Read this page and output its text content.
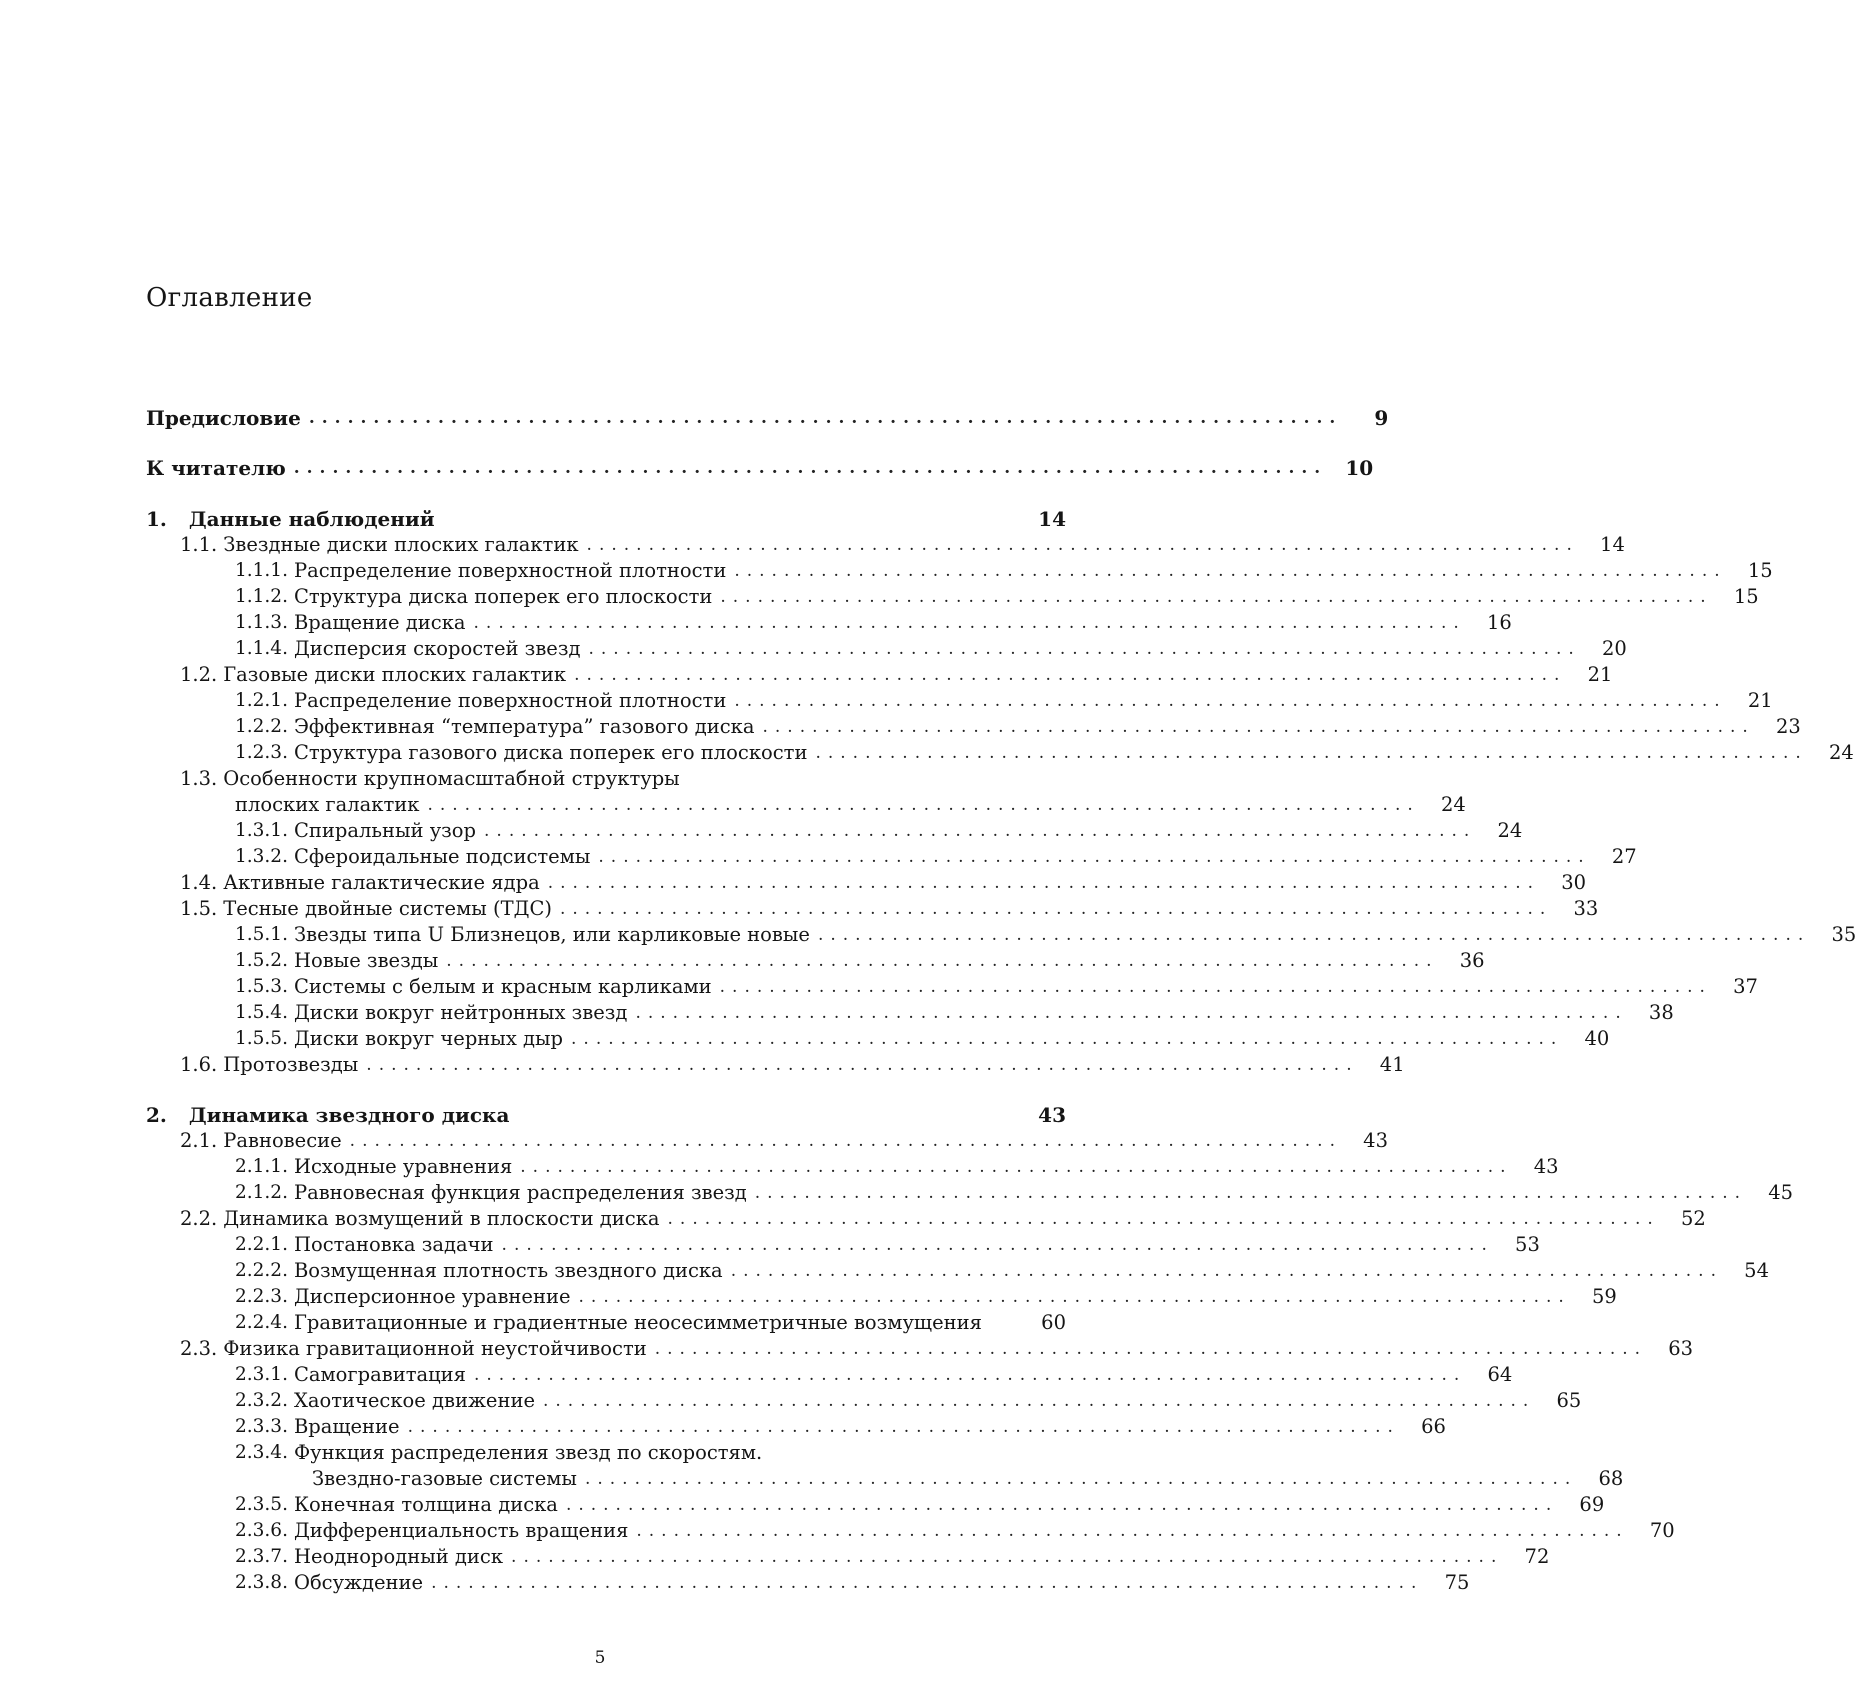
Оглавление
Предисловие ................................................................................	9
К читателю ................................................................................ 10
1. Данные наблюдений	14
1.1. Звездные диски плоских галактик ................................................................................	14
1.1.1. Распределение поверхностной плотности ................................................................................	15
1.1.2. Структура диска поперек его плоскости ................................................................................	15
1.1.3. Вращение диска ................................................................................	16
1.1.4. Дисперсия скоростей звезд ................................................................................	20
1.2. Газовые диски плоских галактик ................................................................................	21
1.2.1. Распределение поверхностной плотности ................................................................................	21
1.2.2. Эффективная “температура” газового диска ................................................................................	23
1.2.3. Структура газового диска поперек его плоскости ................................................................................	24
1.3. Особенности крупномасштабной структуры
плоских галактик ................................................................................	24
1.3.1. Спиральный узор ................................................................................	24
1.3.2. Сфероидальные подсистемы ................................................................................	27
1.4. Активные галактические ядра ................................................................................	30
1.5. Тесные двойные системы (ТДС) ................................................................................	33
1.5.1. Звезды типа U Близнецов, или карликовые новые ................................................................................	35
1.5.2. Новые звезды ................................................................................	36
1.5.3. Системы с белым и красным карликами ................................................................................	37
1.5.4. Диски вокруг нейтронных звезд ................................................................................	38
1.5.5. Диски вокруг черных дыр ................................................................................	40
1.6. Протозвезды ................................................................................	41
2. Динамика звездного диска	43
2.1. Равновесие ................................................................................	43
2.1.1. Исходные уравнения ................................................................................	43
2.1.2. Равновесная функция распределения звезд ................................................................................	45
2.2. Динамика возмущений в плоскости диска ................................................................................	52
2.2.1. Постановка задачи ................................................................................	53
2.2.2. Возмущенная плотность звездного диска ................................................................................	54
2.2.3. Дисперсионное уравнение ................................................................................	59
2.2.4. Гравитационные и градиентные неосесимметричные возмущения	60
2.3. Физика гравитационной неустойчивости ................................................................................	63
2.3.1. Самогравитация ................................................................................	64
2.3.2. Хаотическое движение ................................................................................	65
2.3.3. Вращение ................................................................................	66
2.3.4. Функция распределения звезд по скоростям.
Звездно-газовые системы ................................................................................	68
2.3.5. Конечная толщина диска ................................................................................	69
2.3.6. Дифференциальность вращения ................................................................................	70
2.3.7. Неоднородный диск ................................................................................	72
2.3.8. Обсуждение ................................................................................	75
5
